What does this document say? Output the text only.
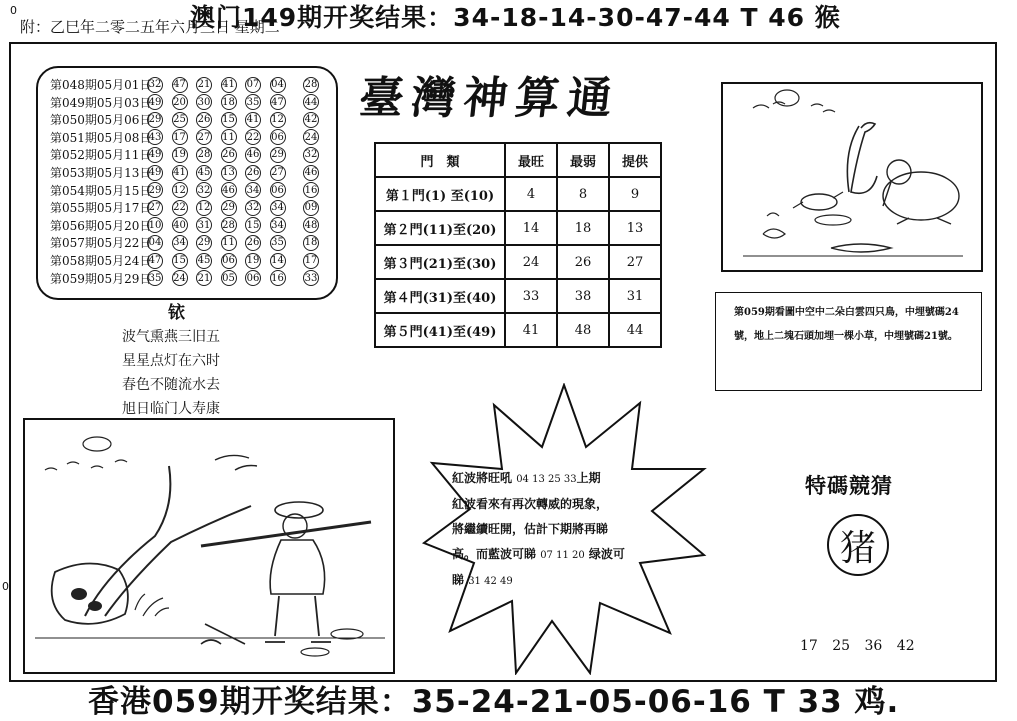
0
0
澳门149期开奖结果：34-18-14-30-47-44 T 46 猴
附：乙巳年二零二五年六月三日 星期二
第048期05月01日
32 47 21 41 07 04 28
第049期05月03日
49 20 30 18 35 47 44
第050期05月06日
29 25 26 15 41 12 42
第051期05月08日
43 17 27 11 22 06 24
第052期05月11日
49 19 28 26 46 29 32
第053期05月13日
49 41 45 13 26 27 46
第054期05月15日
29 12 32 46 34 06 16
第055期05月17日
27 22 12 29 32 34 09
第056期05月20日
10 40 31 28 15 34 48
第057期05月22日
04 34 29 11 26 35 18
第058期05月24日
47 15 45 06 19 14 17
第059期05月29日
35 24 21 05 06 16 33
铱
波气熏燕三旧五
星星点灯在六时
春色不随流水去
旭日临门人寿康
臺灣神算通
門　類	最旺	最弱	提供
第１門(1) 至(10)	4	8	9
第２門(11)至(20)	14	18	13
第３門(21)至(30)	24	26	27
第４門(31)至(40)	33	38	31
第５門(41)至(49)	41	48	44
第059期看圖中空中二朵白雲四只鳥，中埋號碼24號，地上二塊石頭加埋一棵小草，中埋號碼21號。
紅波將旺吼 04 13 25 33上期
紅波看來有再次轉威的現象，
將繼續旺開，估計下期將再睇
高。而藍波可睇 07 11 20 绿波可
睇 31 42 49
特碼競猜
猪
17 25 36 42
香港059期开奖结果：35-24-21-05-06-16 T 33 鸡.
